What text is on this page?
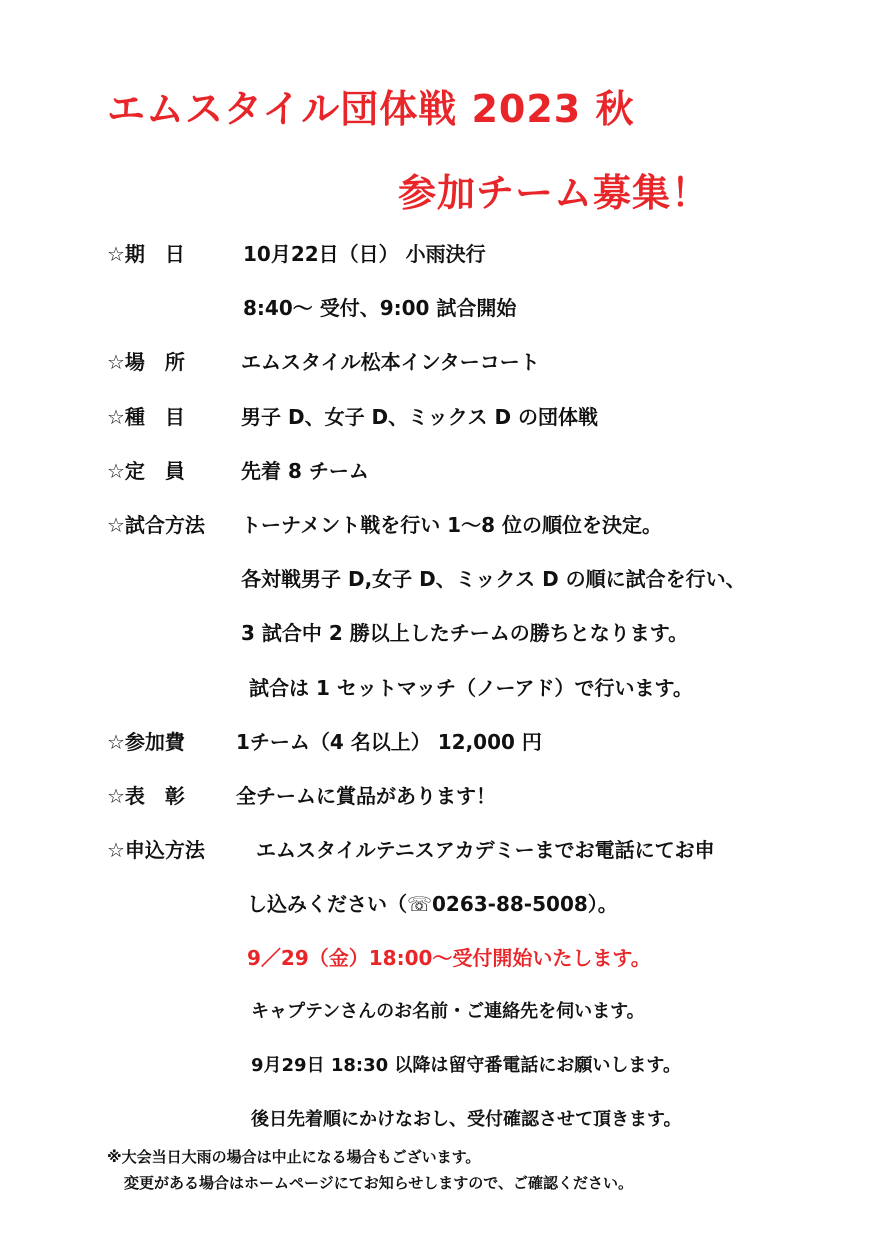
エムスタイル団体戦 2023 秋
参加チーム募集！
☆期　日	10月22日（日） 小雨決行
8:40～ 受付、9:00 試合開始
☆場　所	エムスタイル松本インターコート
☆種　目	男子 D、女子 D、ミックス D の団体戦
☆定　員	先着 8 チーム
☆試合方法 トーナメント戦を行い 1～8 位の順位を決定。
各対戦男子 D,女子 D、ミックス D の順に試合を行い、
3 試合中 2 勝以上したチームの勝ちとなります。
試合は 1 セットマッチ（ノーアド）で行います。
☆参加費	1チーム（4 名以上） 12,000 円
☆表　彰	全チームに賞品があります！
☆申込方法	エムスタイルテニスアカデミーまでお電話にてお申
し込みください（☏0263-88-5008）。
9／29（金）18:00～受付開始いたします。
キャプテンさんのお名前・ご連絡先を伺います。
9月29日 18:30 以降は留守番電話にお願いします。
後日先着順にかけなおし、受付確認させて頂きます。
※大会当日大雨の場合は中止になる場合もございます。
変更がある場合はホームページにてお知らせしますので、ご確認ください。
